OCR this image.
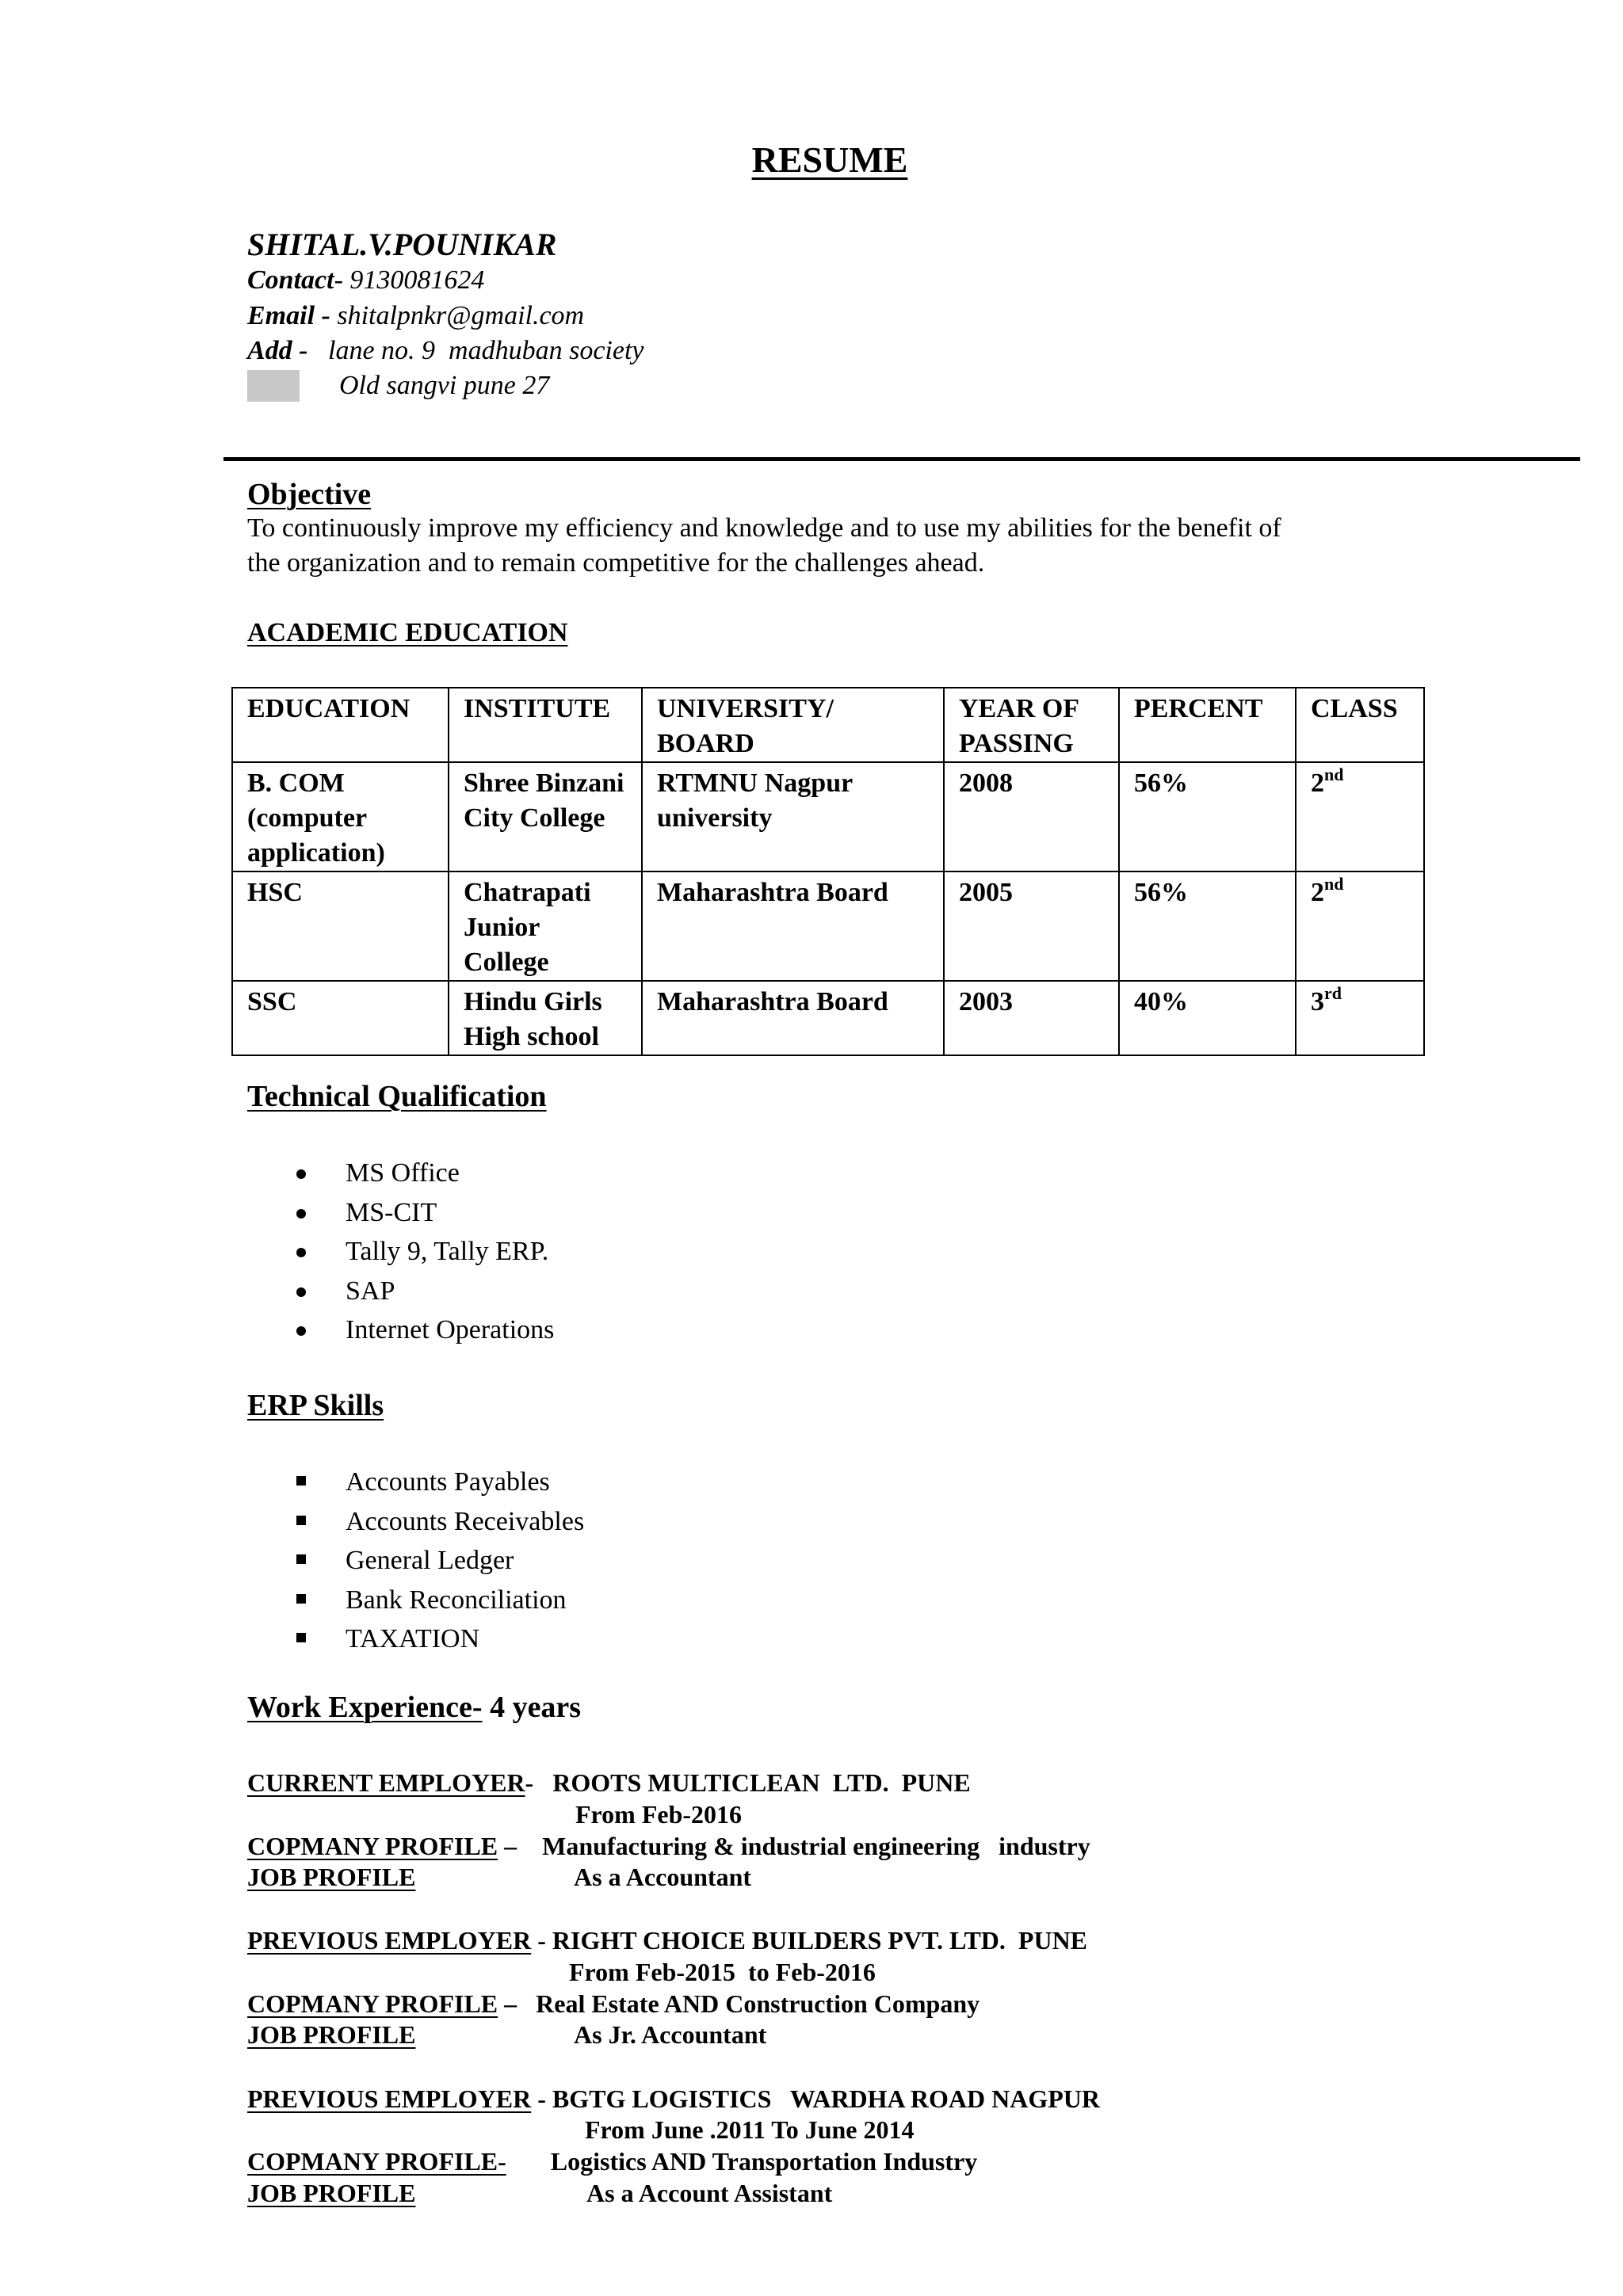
RESUME
SHITAL.V.POUNIKAR
Contact- 9130081624
Email - shitalpnkr@gmail.com
Add -   lane no. 9  madhuban society
Old sangvi pune 27
Objective
To continuously improve my efficiency and knowledge and to use my abilities for the benefit of
the organization and to remain competitive for the challenges ahead.
ACADEMIC EDUCATION
EDUCATION	INSTITUTE	UNIVERSITY/ BOARD	YEAR OF PASSING	PERCENT	CLASS
B. COM (computer application)	Shree Binzani City College	RTMNU Nagpur university	2008	56%	2nd
HSC	Chatrapati Junior College	Maharashtra Board	2005	56%	2nd
SSC	Hindu Girls High school	Maharashtra Board	2003	40%	3rd
Technical Qualification
MS Office
MS-CIT
Tally 9, Tally ERP.
SAP
Internet Operations
ERP Skills
Accounts Payables
Accounts Receivables
General Ledger
Bank Reconciliation
TAXATION
Work Experience- 4 years
CURRENT EMPLOYER-   ROOTS MULTICLEAN  LTD.  PUNE
From Feb-2016
COPMANY PROFILE –    Manufacturing & industrial engineering   industry
JOB PROFILE	As a Accountant
PREVIOUS EMPLOYER - RIGHT CHOICE BUILDERS PVT. LTD.  PUNE
From Feb-2015  to Feb-2016
COPMANY PROFILE –   Real Estate AND Construction Company
JOB PROFILE	As Jr. Accountant
PREVIOUS EMPLOYER - BGTG LOGISTICS   WARDHA ROAD NAGPUR
From June .2011 To June 2014
COPMANY PROFILE-       Logistics AND Transportation Industry
JOB PROFILE	As a Account Assistant
